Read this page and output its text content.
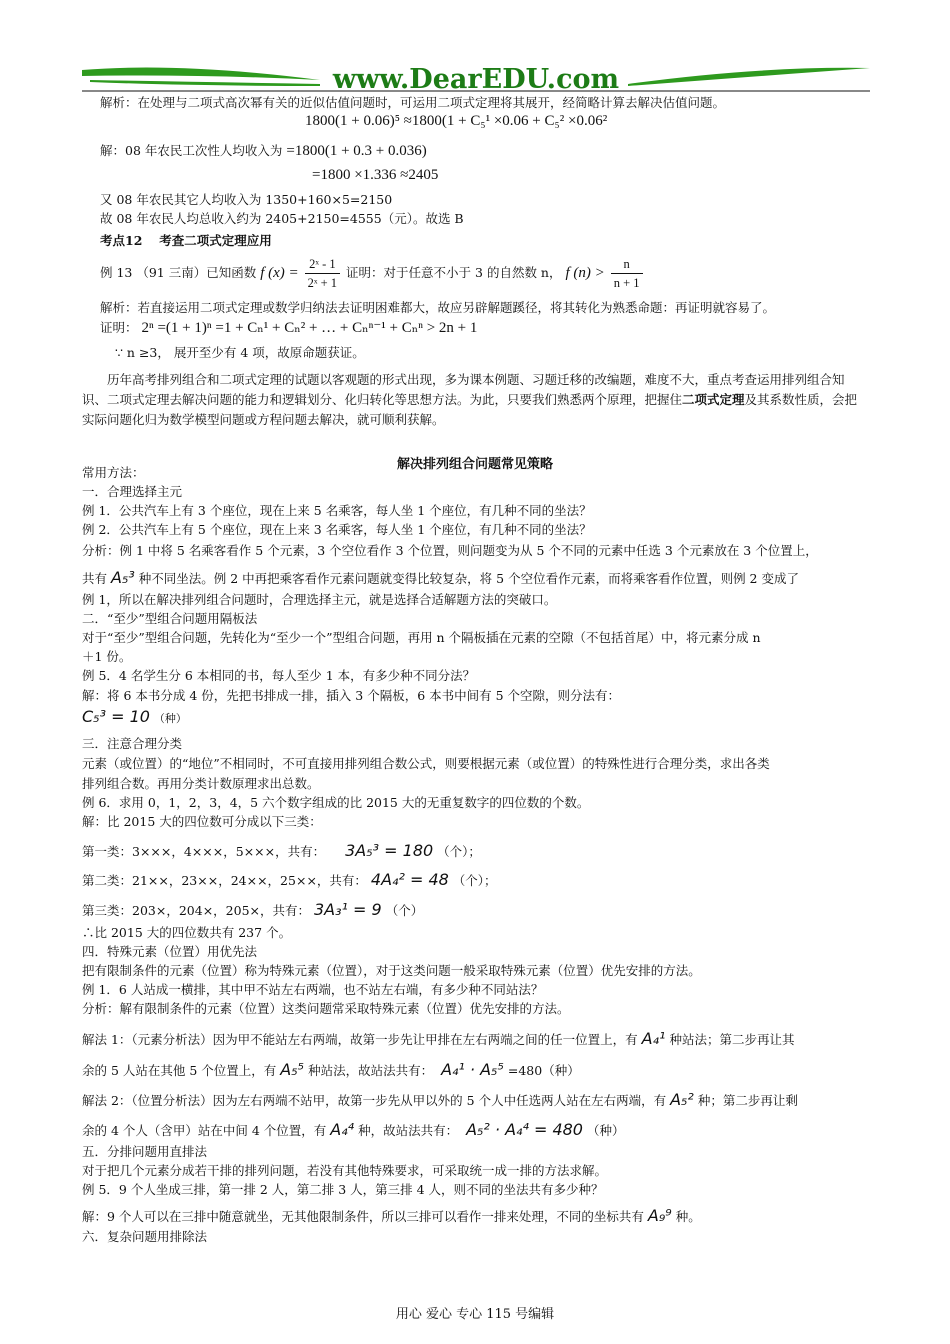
www.DearEDU.com
解析：在处理与二项式高次幂有关的近似估值问题时，可运用二项式定理将其展开，经简略计算去解决估值问题。
1800(1 + 0.06)⁵ ≈1800(1 + C₅¹ ×0.06 + C₅² ×0.06²
解：08 年农民工次性人均收入为 =1800(1 + 0.3 + 0.036)
=1800 ×1.336 ≈2405
又 08 年农民其它人均收入为 1350+160×5=2150
故 08 年农民人均总收入约为 2405+2150=4555（元）。故选 B
考点12　 考查二项式定理应用
例 13 （91 三南）已知函数 f $(x) = \frac{\text{2ˣ - 1}}{\text{2ˣ + 1}}$ 证明：对于任意不小于 3 的自然数 n， f $(n) > \frac{n}{n + 1}$
解析：若直接运用二项式定理或数学归纳法去证明困难都大，故应另辟解题蹊径，将其转化为熟悉命题：再证明就容易了。
证明： 2ⁿ =(1 + 1)ⁿ =1 + Cₙ¹ + Cₙ² + … + Cₙⁿ⁻¹ + Cₙⁿ > 2n + 1
∵ n ≥3， 展开至少有 4 项，故原命题获证。
历年高考排列组合和二项式定理的试题以客观题的形式出现，多为课本例题、习题迁移的改编题，难度不大，重点考查运用排列组合知识、二项式定理去解决问题的能力和逻辑划分、化归转化等思想方法。为此，只要我们熟悉两个原理，把握住二项式定理及其系数性质，会把实际问题化归为数学模型问题或方程问题去解决，就可顺利获解。
解决排列组合问题常见策略
常用方法：
一．合理选择主元
例 1．公共汽车上有 3 个座位，现在上来 5 名乘客，每人坐 1 个座位，有几种不同的坐法？
例 2．公共汽车上有 5 个座位，现在上来 3 名乘客，每人坐 1 个座位，有几种不同的坐法？
分析：例 1 中将 5 名乘客看作 5 个元素，3 个空位看作 3 个位置，则问题变为从 5 个不同的元素中任选 3 个元素放在 3 个位置上，
共有 A₅³ 种不同坐法。例 2 中再把乘客看作元素问题就变得比较复杂，将 5 个空位看作元素，而将乘客看作位置，则例 2 变成了
例 1，所以在解决排列组合问题时，合理选择主元，就是选择合适解题方法的突破口。
二．“至少”型组合问题用隔板法
对于“至少”型组合问题，先转化为“至少一个”型组合问题，再用 n 个隔板插在元素的空隙（不包括首尾）中，将元素分成 n
＋1 份。
例 5．4 名学生分 6 本相同的书，每人至少 1 本，有多少种不同分法？
解：将 6 本书分成 4 份，先把书排成一排，插入 3 个隔板，6 本书中间有 5 个空隙，则分法有：
C₅³ = 10 （种）
三．注意合理分类
元素（或位置）的“地位”不相同时，不可直接用排列组合数公式，则要根据元素（或位置）的特殊性进行合理分类，求出各类
排列组合数。再用分类计数原理求出总数。
例 6．求用 0，1，2，3，4，5 六个数字组成的比 2015 大的无重复数字的四位数的个数。
解：比 2015 大的四位数可分成以下三类：
第一类：3×××，4×××，5×××，共有： 3A₅³ = 180 （个）；
第二类：21××，23××，24××，25××，共有： 4A₄² = 48 （个）；
第三类：203×，204×，205×，共有： 3A₃¹ = 9 （个）
∴比 2015 大的四位数共有 237 个。
四．特殊元素（位置）用优先法
把有限制条件的元素（位置）称为特殊元素（位置），对于这类问题一般采取特殊元素（位置）优先安排的方法。
例 1．6 人站成一横排，其中甲不站左右两端，也不站左右端，有多少种不同站法？
分析：解有限制条件的元素（位置）这类问题常采取特殊元素（位置）优先安排的方法。
解法 1：（元素分析法）因为甲不能站左右两端，故第一步先让甲排在左右两端之间的任一位置上，有 A₄¹ 种站法；第二步再让其
余的 5 人站在其他 5 个位置上，有 A₅⁵ 种站法，故站法共有： A₄¹ · A₅⁵ =480（种）
解法 2：（位置分析法）因为左右两端不站甲，故第一步先从甲以外的 5 个人中任选两人站在左右两端，有 A₅² 种；第二步再让剩
余的 4 个人（含甲）站在中间 4 个位置，有 A₄⁴ 种，故站法共有： A₅² · A₄⁴ = 480 （种）
五．分排问题用直排法
对于把几个元素分成若干排的排列问题，若没有其他特殊要求，可采取统一成一排的方法求解。
例 5．9 个人坐成三排，第一排 2 人，第二排 3 人，第三排 4 人，则不同的坐法共有多少种？
解：9 个人可以在三排中随意就坐，无其他限制条件，所以三排可以看作一排来处理，不同的坐标共有 A₉⁹ 种。
六．复杂问题用排除法
用心 爱心 专心 115 号编辑
